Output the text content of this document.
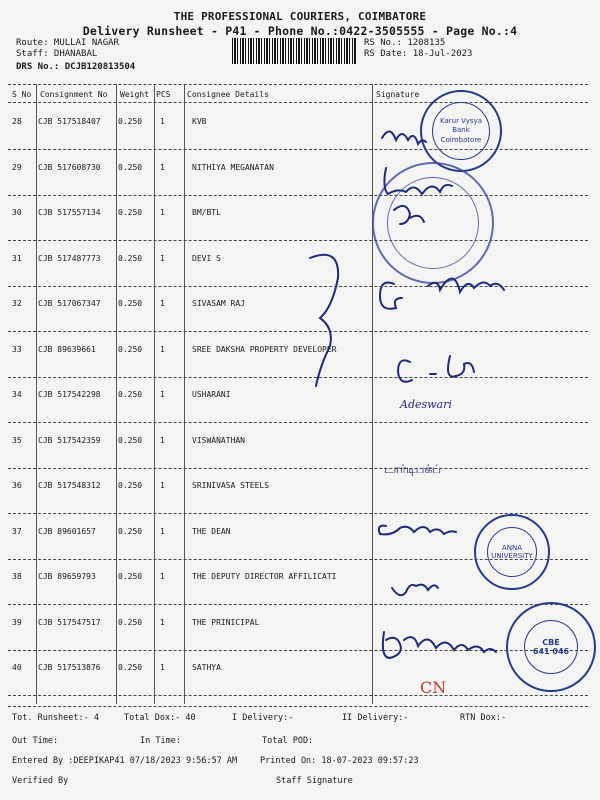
THE PROFESSIONAL COURIERS, COIMBATORE
Delivery Runsheet - P41 - Phone No.:0422-3505555 - Page No.:4
Route: MULLAI NAGAR
Staff: DHANABAL
DRS No.: DCJB120813504
RS No.: 1208135
RS Date: 18-Jul-2023
S No Consignment No Weight PCS Consignee Details	Signature
28 CJB 517518407 0.250 1	KVB
29 CJB 517608730 0.250 1	NITHIYA MEGANATAN
30 CJB 517557134 0.250 1	BM/BTL
31 CJB 517487773 0.250 1	DEVI S
32 CJB 517067347 0.250 1	SIVASAM RAJ
33 CJB 89639661	0.250 1	SREE DAKSHA PROPERTY DEVELOPER
34 CJB 517542298 0.250 1	USHARANI
35 CJB 517542359 0.250 1	VISWANATHAN
36 CJB 517548312 0.250 1	SRINIVASA STEELS
37 CJB 89601657	0.250 1	THE DEAN
38 CJB 89659793	0.250 1	THE DEPUTY DIRECTOR AFFILICATI
39 CJB 517547517 0.250 1	THE PRINICIPAL
40 CJB 517513876 0.250 1	SATHYA
Tot. Runsheet:- 4	Total Dox:- 40	I Delivery:-	II Delivery:-	RTN Dox:-
Out Time:	In Time:	Total POD:
Entered By :DEEPIKAP41 07/18/2023 9:56:57 AM	Printed On: 18-07-2023 09:57:23
Verified By	Staff Signature
Karur Vysya Bank
Coimbatore
ANNA UNIVERSITY
CBE
641 046
Adeswari
டார்டிபக்ப்
CN
